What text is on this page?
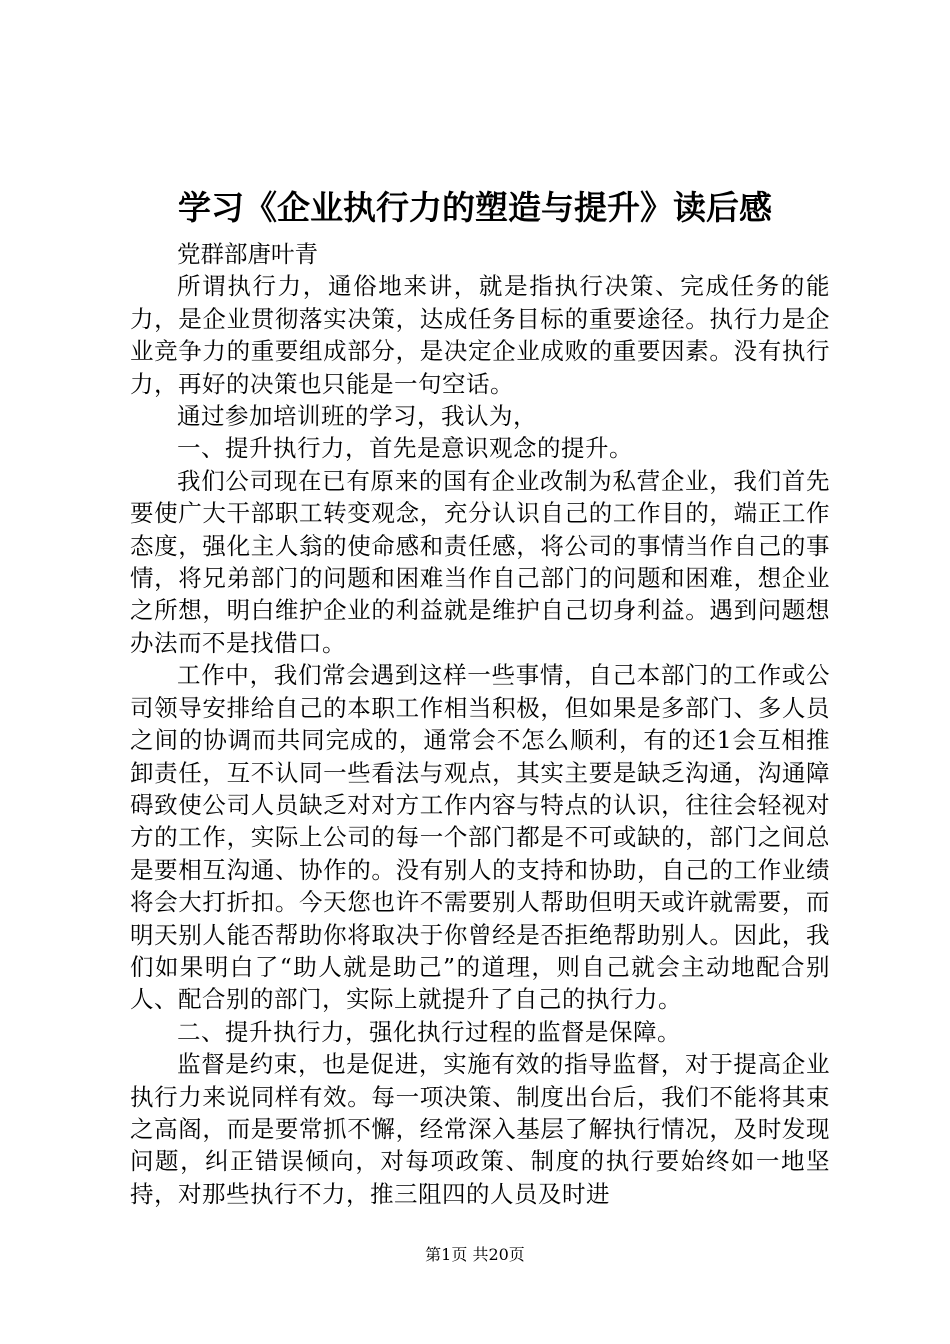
学习《企业执行力的塑造与提升》读后感

党群部唐叶青

所谓执行力，通俗地来讲，就是指执行决策、完成任务的能力，是企业贯彻落实决策，达成任务目标的重要途径。执行力是企业竞争力的重要组成部分，是决定企业成败的重要因素。没有执行力，再好的决策也只能是一句空话。

通过参加培训班的学习，我认为，

一、提升执行力，首先是意识观念的提升。

我们公司现在已有原来的国有企业改制为私营企业，我们首先要使广大干部职工转变观念，充分认识自己的工作目的，端正工作态度，强化主人翁的使命感和责任感，将公司的事情当作自己的事情，将兄弟部门的问题和困难当作自己部门的问题和困难，想企业之所想，明白维护企业的利益就是维护自己切身利益。遇到问题想办法而不是找借口。

工作中，我们常会遇到这样一些事情，自己本部门的工作或公司领导安排给自己的本职工作相当积极，但如果是多部门、多人员之间的协调而共同完成的，通常会不怎么顺利，有的还1会互相推卸责任，互不认同一些看法与观点，其实主要是缺乏沟通，沟通障碍致使公司人员缺乏对对方工作内容与特点的认识，往往会轻视对方的工作，实际上公司的每一个部门都是不可或缺的，部门之间总是要相互沟通、协作的。没有别人的支持和协助，自己的工作业绩将会大打折扣。今天您也许不需要别人帮助但明天或许就需要，而明天别人能否帮助你将取决于你曾经是否拒绝帮助别人。因此，我们如果明白了“助人就是助己”的道理，则自己就会主动地配合别人、配合别的部门，实际上就提升了自己的执行力。

二、提升执行力，强化执行过程的监督是保障。

监督是约束，也是促进，实施有效的指导监督，对于提高企业执行力来说同样有效。每一项决策、制度出台后，我们不能将其束之高阁，而是要常抓不懈，经常深入基层了解执行情况，及时发现问题，纠正错误倾向，对每项政策、制度的执行要始终如一地坚持，对那些执行不力，推三阻四的人员及时进

第1页 共20页
